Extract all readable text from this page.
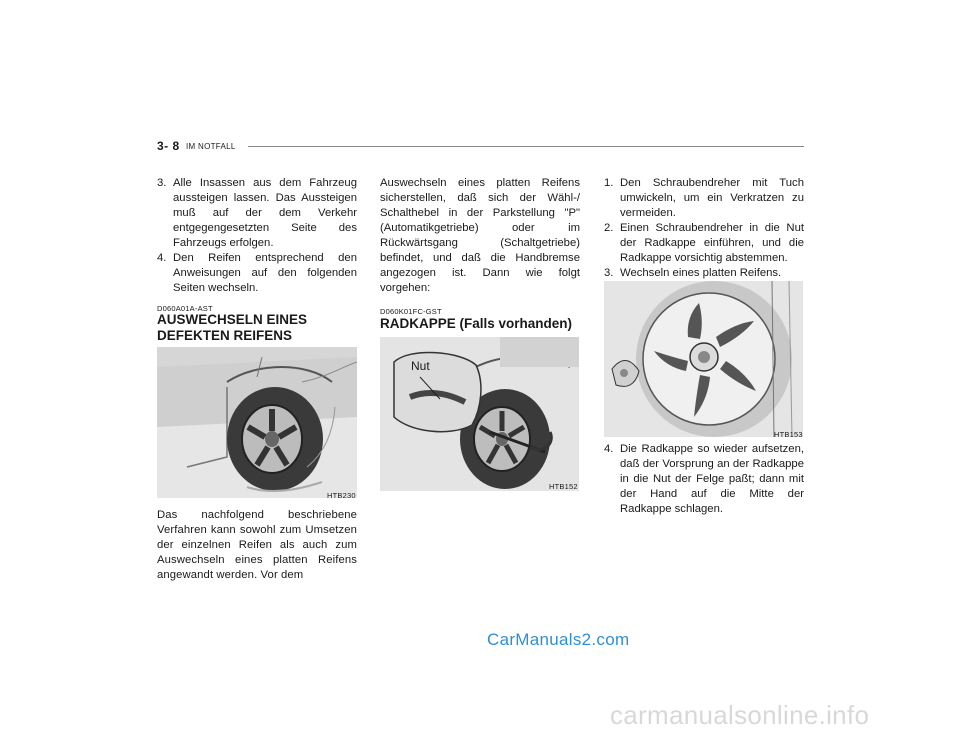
3- 8 IM NOTFALL
3. Alle Insassen aus dem Fahrzeug aussteigen lassen. Das Aussteigen muß auf der dem Verkehr entgegengesetzten Seite des Fahrzeugs erfolgen.
4. Den Reifen entsprechend den Anweisungen auf den folgenden Seiten wechseln.
D060A01A-AST
AUSWECHSELN EINES
DEFEKTEN REIFENS
HTB230

Das nachfolgend beschriebene Verfahren kann sowohl zum Umsetzen der einzelnen Reifen als auch zum Auswechseln eines platten Reifens angewandt werden. Vor dem

Auswechseln eines platten Reifens sicherstellen, daß sich der Wähl-/ Schalthebel in der Parkstellung "P" (Automatikgetriebe) oder im Rückwärtsgang (Schaltgetriebe) befindet, und daß die Handbremse angezogen ist. Dann wie folgt vorgehen:

D060K01FC-GST
RADKAPPE (Falls vorhanden)
Nut
HTB152
1. Den Schraubendreher mit Tuch umwickeln, um ein Verkratzen zu vermeiden.
2. Einen Schraubendreher in die Nut der Radkappe einführen, und die Radkappe vorsichtig abstemmen.
3. Wechseln eines platten Reifens.
HTB153
4. Die Radkappe so wieder aufsetzen, daß der Vorsprung an der Radkappe in die Nut der Felge paßt; dann mit der Hand auf die Mitte der Radkappe schlagen.
CarManuals2.com
carmanualsonline.info
